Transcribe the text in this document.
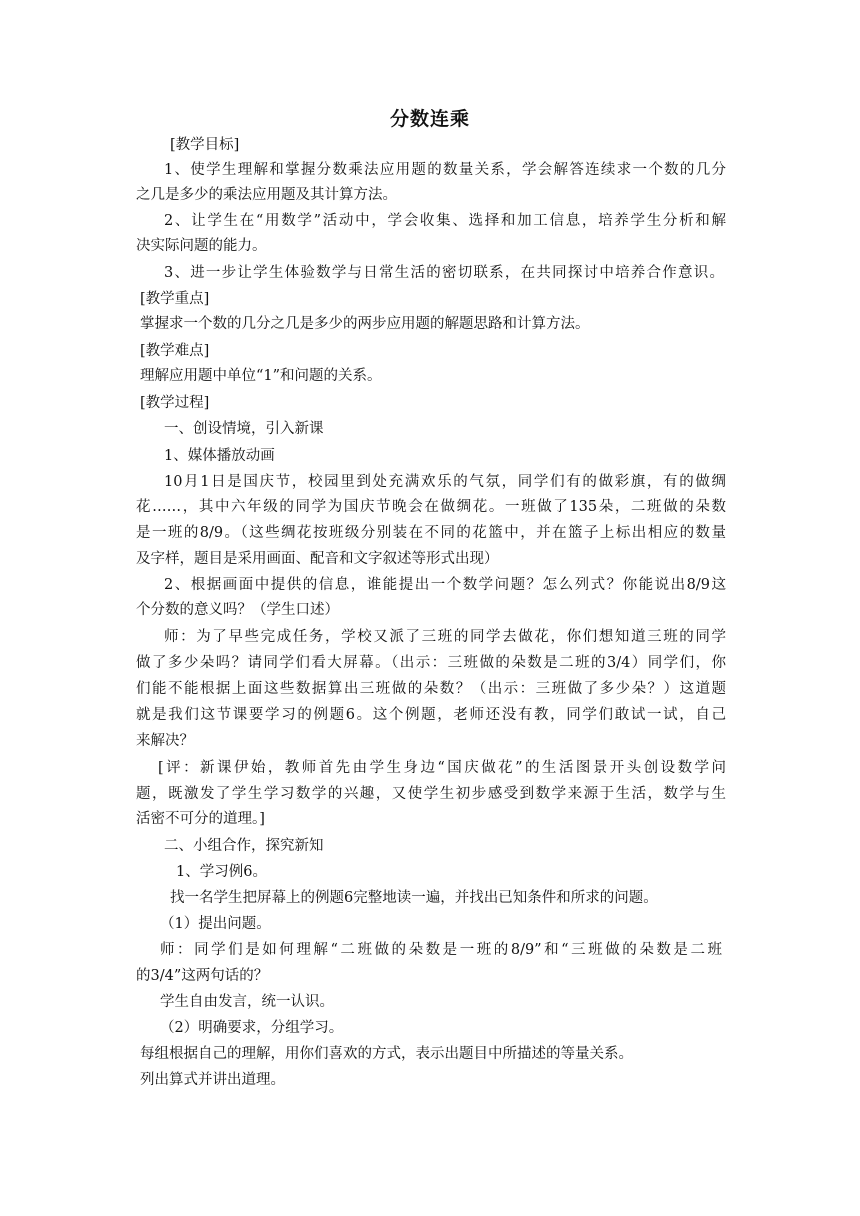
分数连乘
[教学目标]
1、使学生理解和掌握分数乘法应用题的数量关系，学会解答连续求一个数的几分
之几是多少的乘法应用题及其计算方法。
2、让学生在“用数学”活动中，学会收集、选择和加工信息，培养学生分析和解
决实际问题的能力。
3、进一步让学生体验数学与日常生活的密切联系，在共同探讨中培养合作意识。
[教学重点]
掌握求一个数的几分之几是多少的两步应用题的解题思路和计算方法。
[教学难点]
理解应用题中单位“1”和问题的关系。
[教学过程]
一、创设情境，引入新课
1、媒体播放动画
10月1日是国庆节，校园里到处充满欢乐的气氛，同学们有的做彩旗，有的做绸
花……，其中六年级的同学为国庆节晚会在做绸花。一班做了135朵，二班做的朵数
是一班的8/9。（这些绸花按班级分别装在不同的花篮中，并在篮子上标出相应的数量
及字样，题目是采用画面、配音和文字叙述等形式出现）
2、根据画面中提供的信息，谁能提出一个数学问题？怎么列式？你能说出8/9这
个分数的意义吗？（学生口述）
师：为了早些完成任务，学校又派了三班的同学去做花，你们想知道三班的同学
做了多少朵吗？请同学们看大屏幕。（出示：三班做的朵数是二班的3/4）同学们，你
们能不能根据上面这些数据算出三班做的朵数？（出示：三班做了多少朵？）这道题
就是我们这节课要学习的例题6。这个例题，老师还没有教，同学们敢试一试，自己
来解决？
[评：新课伊始，教师首先由学生身边“国庆做花”的生活图景开头创设数学问
题，既激发了学生学习数学的兴趣，又使学生初步感受到数学来源于生活，数学与生
活密不可分的道理。]
二、小组合作，探究新知
1、学习例6。
找一名学生把屏幕上的例题6完整地读一遍，并找出已知条件和所求的问题。
（1）提出问题。
师：同学们是如何理解“二班做的朵数是一班的8/9”和“三班做的朵数是二班
的3/4”这两句话的？
学生自由发言，统一认识。
（2）明确要求，分组学习。
每组根据自己的理解，用你们喜欢的方式，表示出题目中所描述的等量关系。
列出算式并讲出道理。
